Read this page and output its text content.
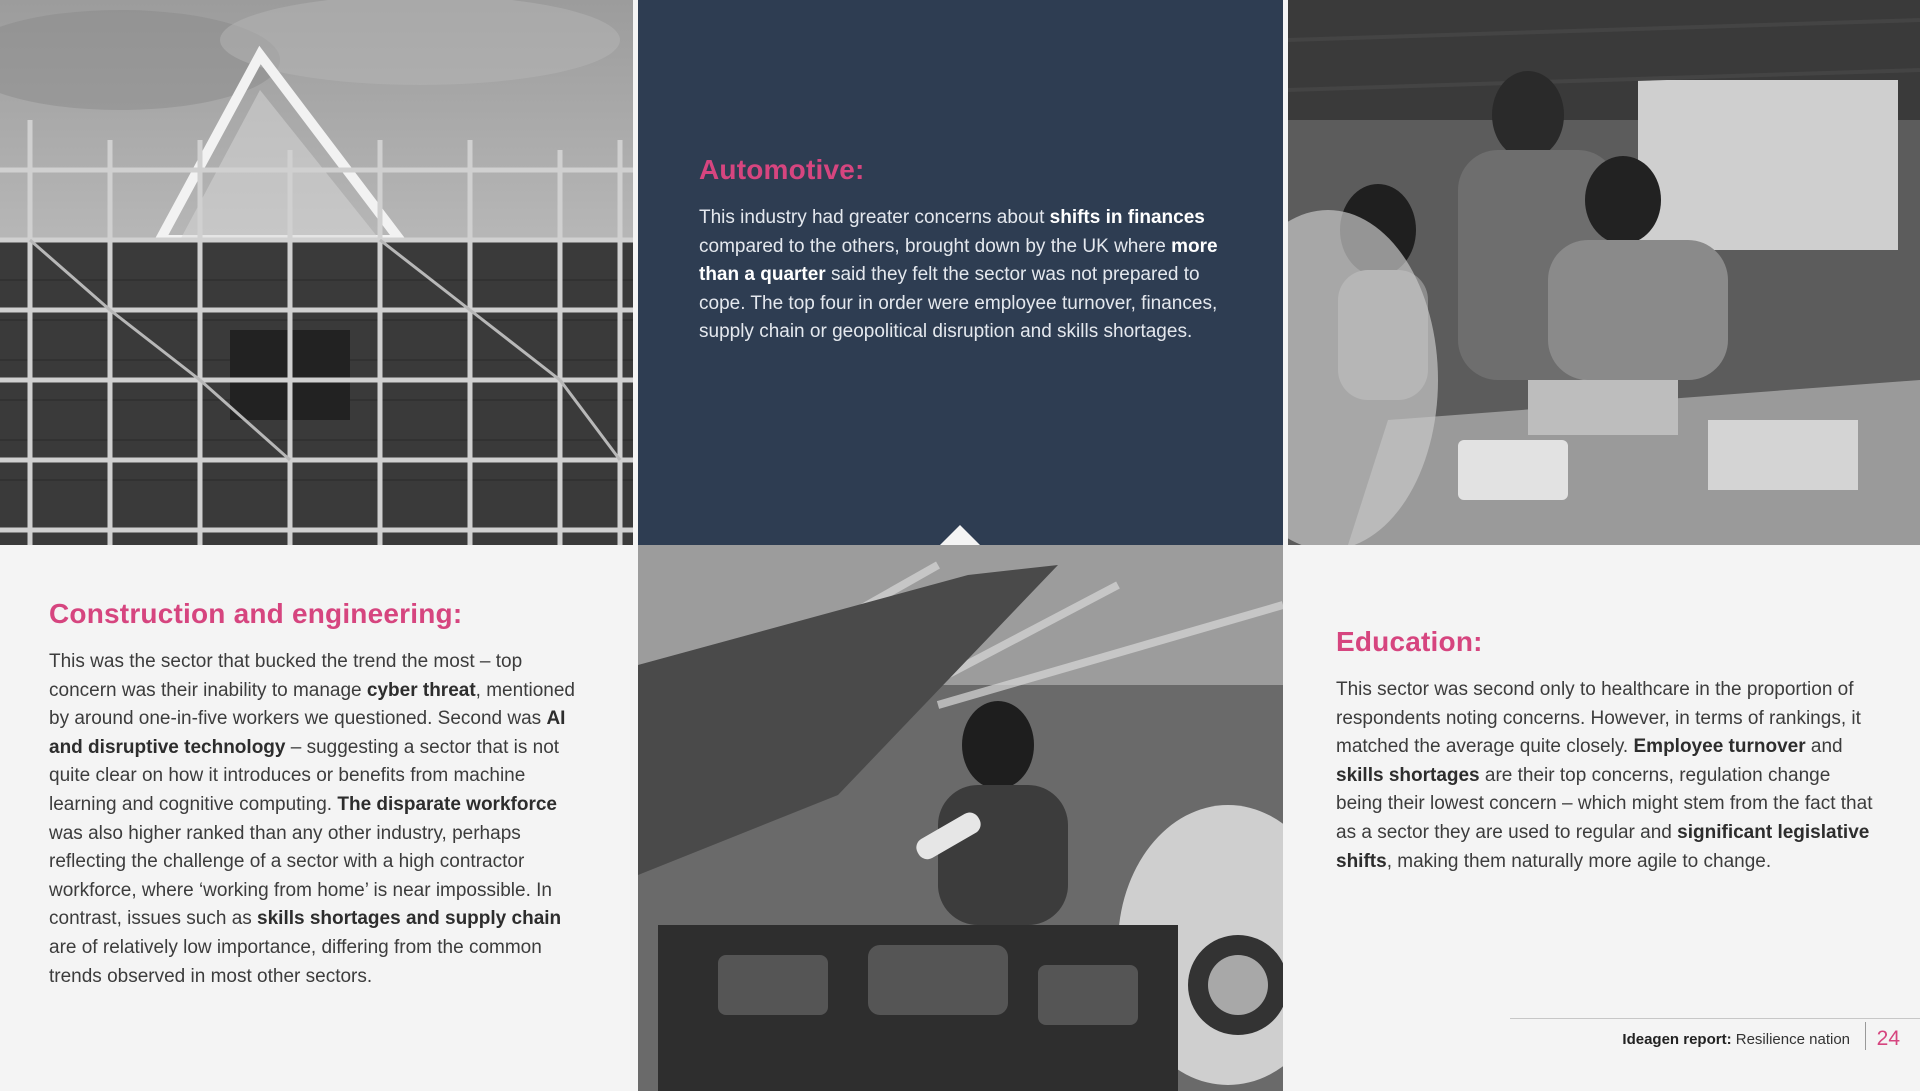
Automotive:

This industry had greater concerns about shifts in finances compared to the others, brought down by the UK where more than a quarter said they felt the sector was not prepared to cope. The top four in order were employee turnover, finances, supply chain or geopolitical disruption and skills shortages.

Construction and engineering:

This was the sector that bucked the trend the most – top concern was their inability to manage cyber threat, mentioned by around one-in-five workers we questioned. Second was AI and disruptive technology – suggesting a sector that is not quite clear on how it introduces or benefits from machine learning and cognitive computing. The disparate workforce was also higher ranked than any other industry, perhaps reflecting the challenge of a sector with a high contractor workforce, where ‘working from home’ is near impossible. In contrast, issues such as skills shortages and supply chain are of relatively low importance, differing from the common trends observed in most other sectors.

Education:

This sector was second only to healthcare in the proportion of respondents noting concerns. However, in terms of rankings, it matched the average quite closely. Employee turnover and skills shortages are their top concerns, regulation change being their lowest concern – which might stem from the fact that as a sector they are used to regular and significant legislative shifts, making them naturally more agile to change.

Ideagen report: Resilience nation 24
